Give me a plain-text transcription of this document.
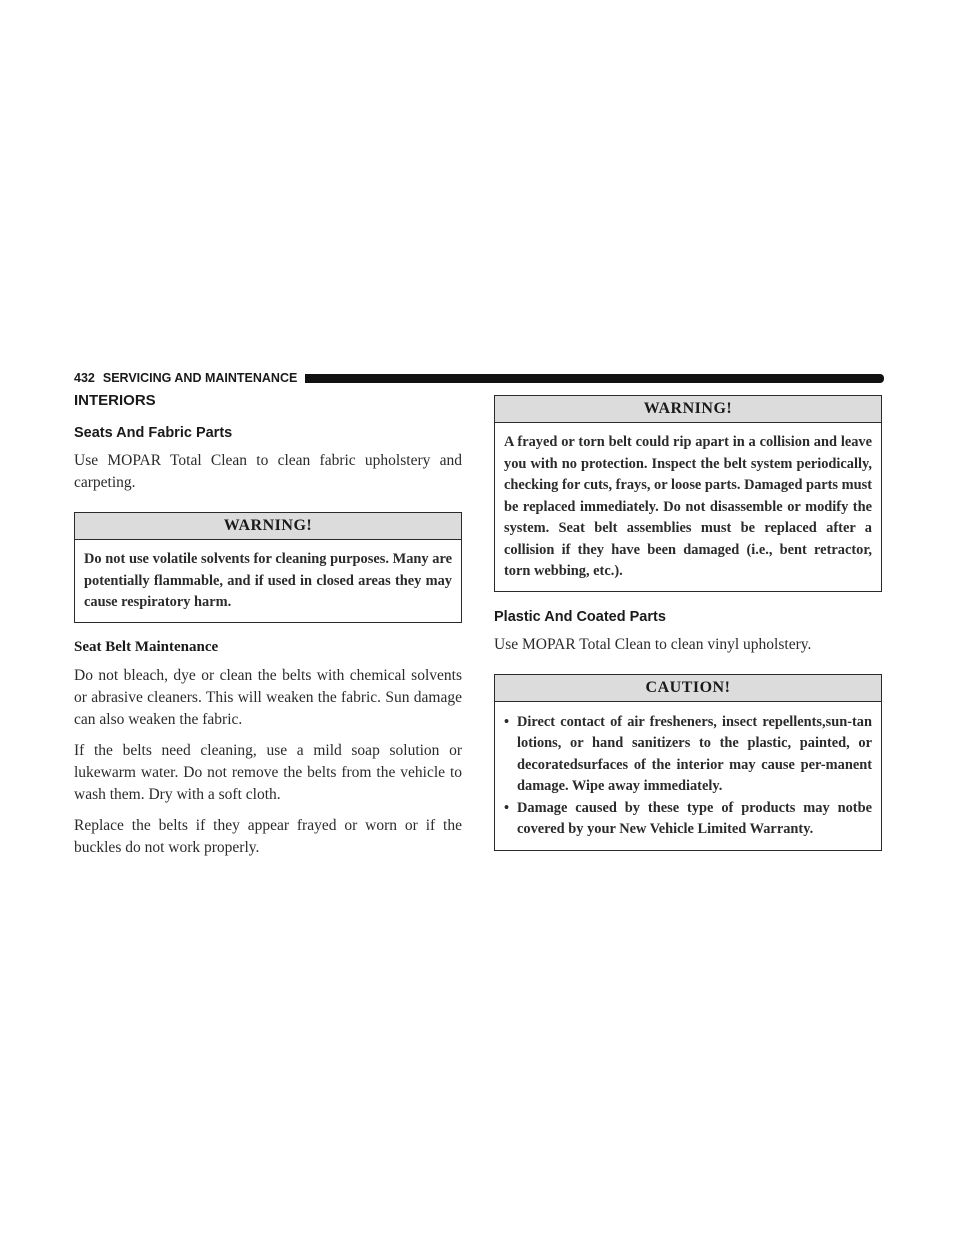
432 SERVICING AND MAINTENANCE
INTERIORS
Seats And Fabric Parts

Use MOPAR Total Clean to clean fabric upholstery and carpeting.

WARNING!
Do not use volatile solvents for cleaning purposes. Many are potentially flammable, and if used in closed areas they may cause respiratory harm.
Seat Belt Maintenance

Do not bleach, dye or clean the belts with chemical solvents or abrasive cleaners. This will weaken the fabric. Sun damage can also weaken the fabric.

If the belts need cleaning, use a mild soap solution or lukewarm water. Do not remove the belts from the vehicle to wash them. Dry with a soft cloth.

Replace the belts if they appear frayed or worn or if the buckles do not work properly.

WARNING!
A frayed or torn belt could rip apart in a collision and leave you with no protection. Inspect the belt system periodically, checking for cuts, frays, or loose parts. Damaged parts must be replaced immediately. Do not disassemble or modify the system. Seat belt assemblies must be replaced after a collision if they have been damaged (i.e., bent retractor, torn webbing, etc.).
Plastic And Coated Parts

Use MOPAR Total Clean to clean vinyl upholstery.

CAUTION!
• Direct contact of air fresheners, insect repellents,sun-tan lotions, or hand sanitizers to the plastic, painted, or decoratedsurfaces of the interior may cause per-manent damage. Wipe away immediately.
• Damage caused by these type of products may notbe covered by your New Vehicle Limited Warranty.
